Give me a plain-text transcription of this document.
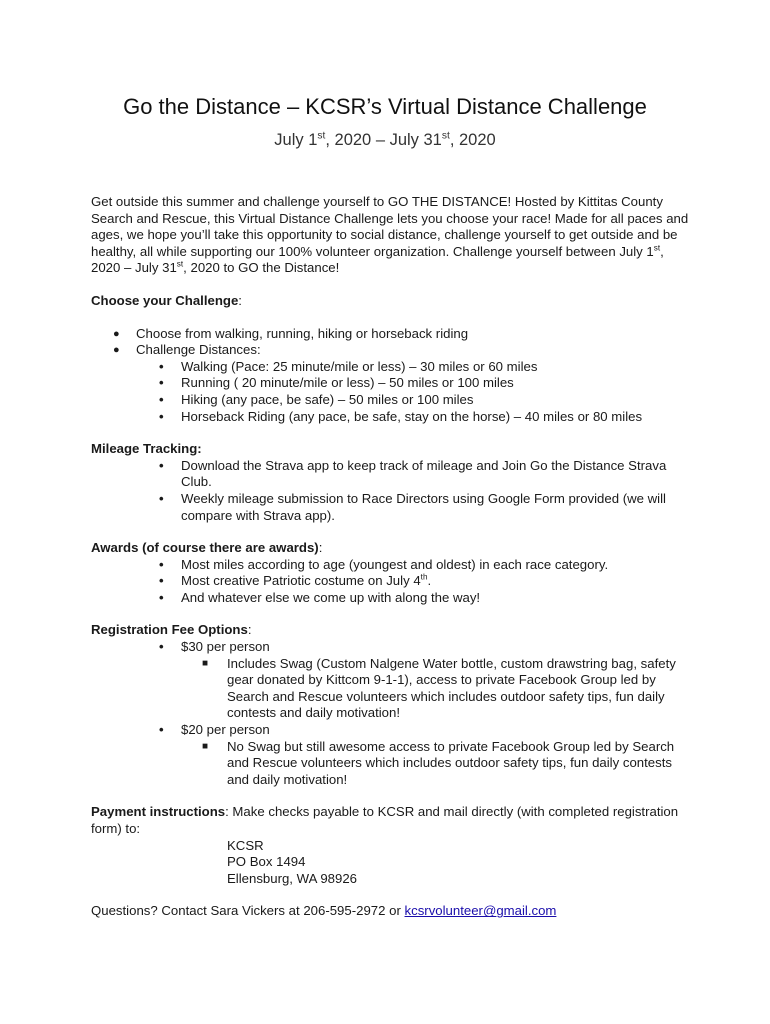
Go the Distance – KCSR’s Virtual Distance Challenge
July 1st, 2020 – July 31st, 2020

Get outside this summer and challenge yourself to GO THE DISTANCE! Hosted by Kittitas County Search and Rescue, this Virtual Distance Challenge lets you choose your race! Made for all paces and ages, we hope you’ll take this opportunity to social distance, challenge yourself to get outside and be healthy, all while supporting our 100% volunteer organization. Challenge yourself between July 1st, 2020 – July 31st, 2020 to GO the Distance!

Choose your Challenge:

● Choose from walking, running, hiking or horseback riding
● Challenge Distances:
• Walking (Pace: 25 minute/mile or less) – 30 miles or 60 miles
• Running ( 20 minute/mile or less) – 50 miles or 100 miles
• Hiking (any pace, be safe) – 50 miles or 100 miles
• Horseback Riding (any pace, be safe, stay on the horse) – 40 miles or 80 miles

Mileage Tracking:

• Download the Strava app to keep track of mileage and Join Go the Distance Strava Club.
• Weekly mileage submission to Race Directors using Google Form provided (we will compare with Strava app).

Awards (of course there are awards):

• Most miles according to age (youngest and oldest) in each race category.
• Most creative Patriotic costume on July 4th.
• And whatever else we come up with along the way!

Registration Fee Options:

• $30 per person
■ Includes Swag (Custom Nalgene Water bottle, custom drawstring bag, safety gear donated by Kittcom 9-1-1), access to private Facebook Group led by Search and Rescue volunteers which includes outdoor safety tips, fun daily contests and daily motivation!
• $20 per person
■ No Swag but still awesome access to private Facebook Group led by Search and Rescue volunteers which includes outdoor safety tips, fun daily contests and daily motivation!

Payment instructions: Make checks payable to KCSR and mail directly (with completed registration form) to:

KCSR
PO Box 1494
Ellensburg, WA 98926

Questions? Contact Sara Vickers at 206-595-2972 or kcsrvolunteer@gmail.com
